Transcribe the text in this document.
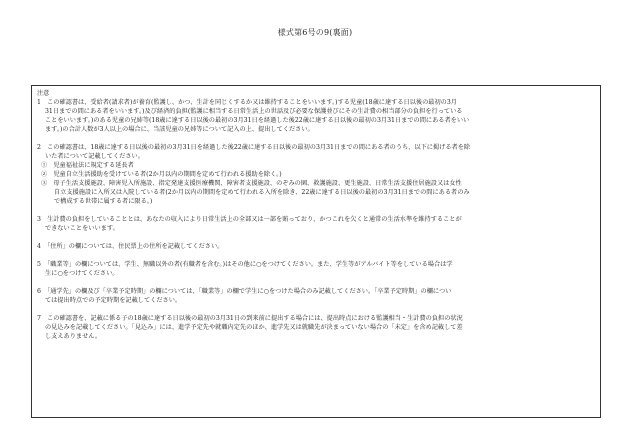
様式第6号の9(裏面)
注意
1　この確認書は、受給者(請求者)が養育(監護し、かつ、生計を同じくするか又は維持することをいいます。)する児童(18歳に達する日以後の最初の3月
31日までの間にある者をいいます。)及び経済的負担(監護に相当する日常生活上の世話及び必要な保護並びにその生計費の相当部分の負担を行っている
ことをいいます。)のある児童の兄姉等(18歳に達する日以後の最初の3月31日を経過した後22歳に達する日以後の最初の3月31日までの間にある者をいい
ます。)の合計人数が3人以上の場合に、当該児童の兄姉等について記入の上、提出してください。
2　この確認書は、18歳に達する日以後の最初の3月31日を経過した後22歳に達する日以後の最初の3月31日までの間にある者のうち、以下に掲げる者を除
いた者について記載してください。
①　児童福祉法に規定する延長者
②　児童自立生活援助を受けている者(2か月以内の期間を定めて行われる援助を除く。)
③　母子生活支援施設、障害児入所施設、指定発達支援医療機関、障害者支援施設、のぞみの園、救護施設、更生施設、日常生活支援住居施設又は女性
自立支援施設に入所又は入院している者(2か月以内の期間を定めて行われる入所を除き、22歳に達する日以後の最初の3月31日までの間にある者のみ
で構成する世帯に属する者に限る。)
3　生計費の負担をしていることとは、あなたの収入により日常生活上の全部又は一部を賄っており、かつこれを欠くと通常の生活水準を維持することが
できないことをいいます。
4　「住所」の欄については、住民票上の住所を記載してください。
5　「職業等」の欄については、学生、無職以外の者(有職者を含む。)はその他に○をつけてください。また、学生等がアルバイト等をしている場合は学
生に○をつけてください。
6　「通学先」の欄及び「卒業予定時期」の欄については、「職業等」の欄で学生に○をつけた場合のみ記載してください。「卒業予定時期」の欄につい
ては提出時点での予定時期を記載してください。
7　この確認書を、記載に係る子の18歳に達する日以後の最初の3月31日の到来前に提出する場合には、提出時点における監護相当・生計費の負担の状況
の見込みを記載してください。「見込み」には、進学予定先や就職内定先のほか、進学先又は就職先が決まっていない場合の「未定」を含め記載して差
し支えありません。
